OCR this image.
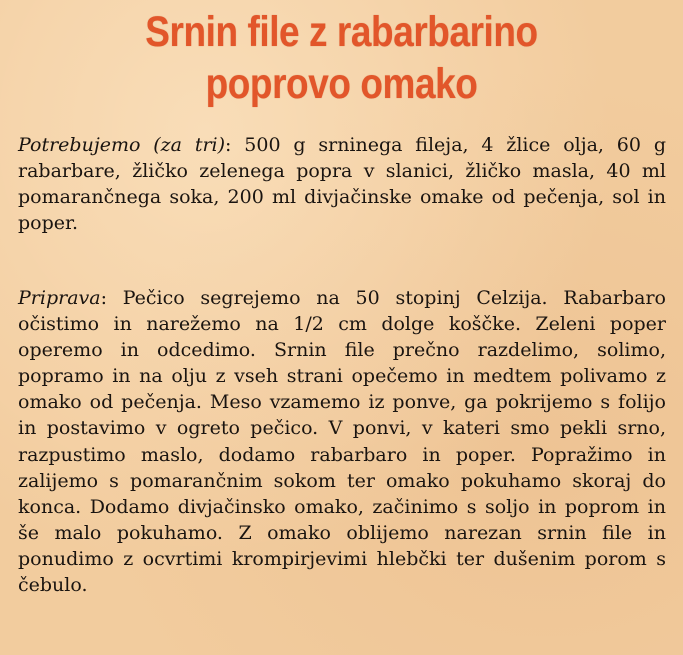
Srnin file z rabarbarino
poprovo omako

Potrebujemo (za tri): 500 g srninega fileja, 4 žlice olja, 60 g rabarbare, žličko zelenega popra v slanici, žličko masla, 40 ml pomarančnega soka, 200 ml divjačinske omake od pečenja, sol in poper.

Priprava: Pečico segrejemo na 50 stopinj Celzija. Rabarbaro očistimo in narežemo na 1/2 cm dolge koščke. Zeleni poper operemo in odcedimo. Srnin file prečno razdelimo, solimo, popramo in na olju z vseh strani opečemo in medtem polivamo z omako od pečenja. Meso vzamemo iz ponve, ga pokrijemo s folijo in postavimo v ogreto pečico. V ponvi, v kateri smo pekli srno, razpustimo maslo, dodamo rabarbaro in poper. Popražimo in zalijemo s pomarančnim sokom ter omako pokuhamo skoraj do konca. Dodamo divjačinsko omako, začinimo s soljo in poprom in še malo pokuhamo. Z omako oblijemo narezan srnin file in ponudimo z ocvrtimi krompirjevimi hlebčki ter dušenim porom s čebulo.
